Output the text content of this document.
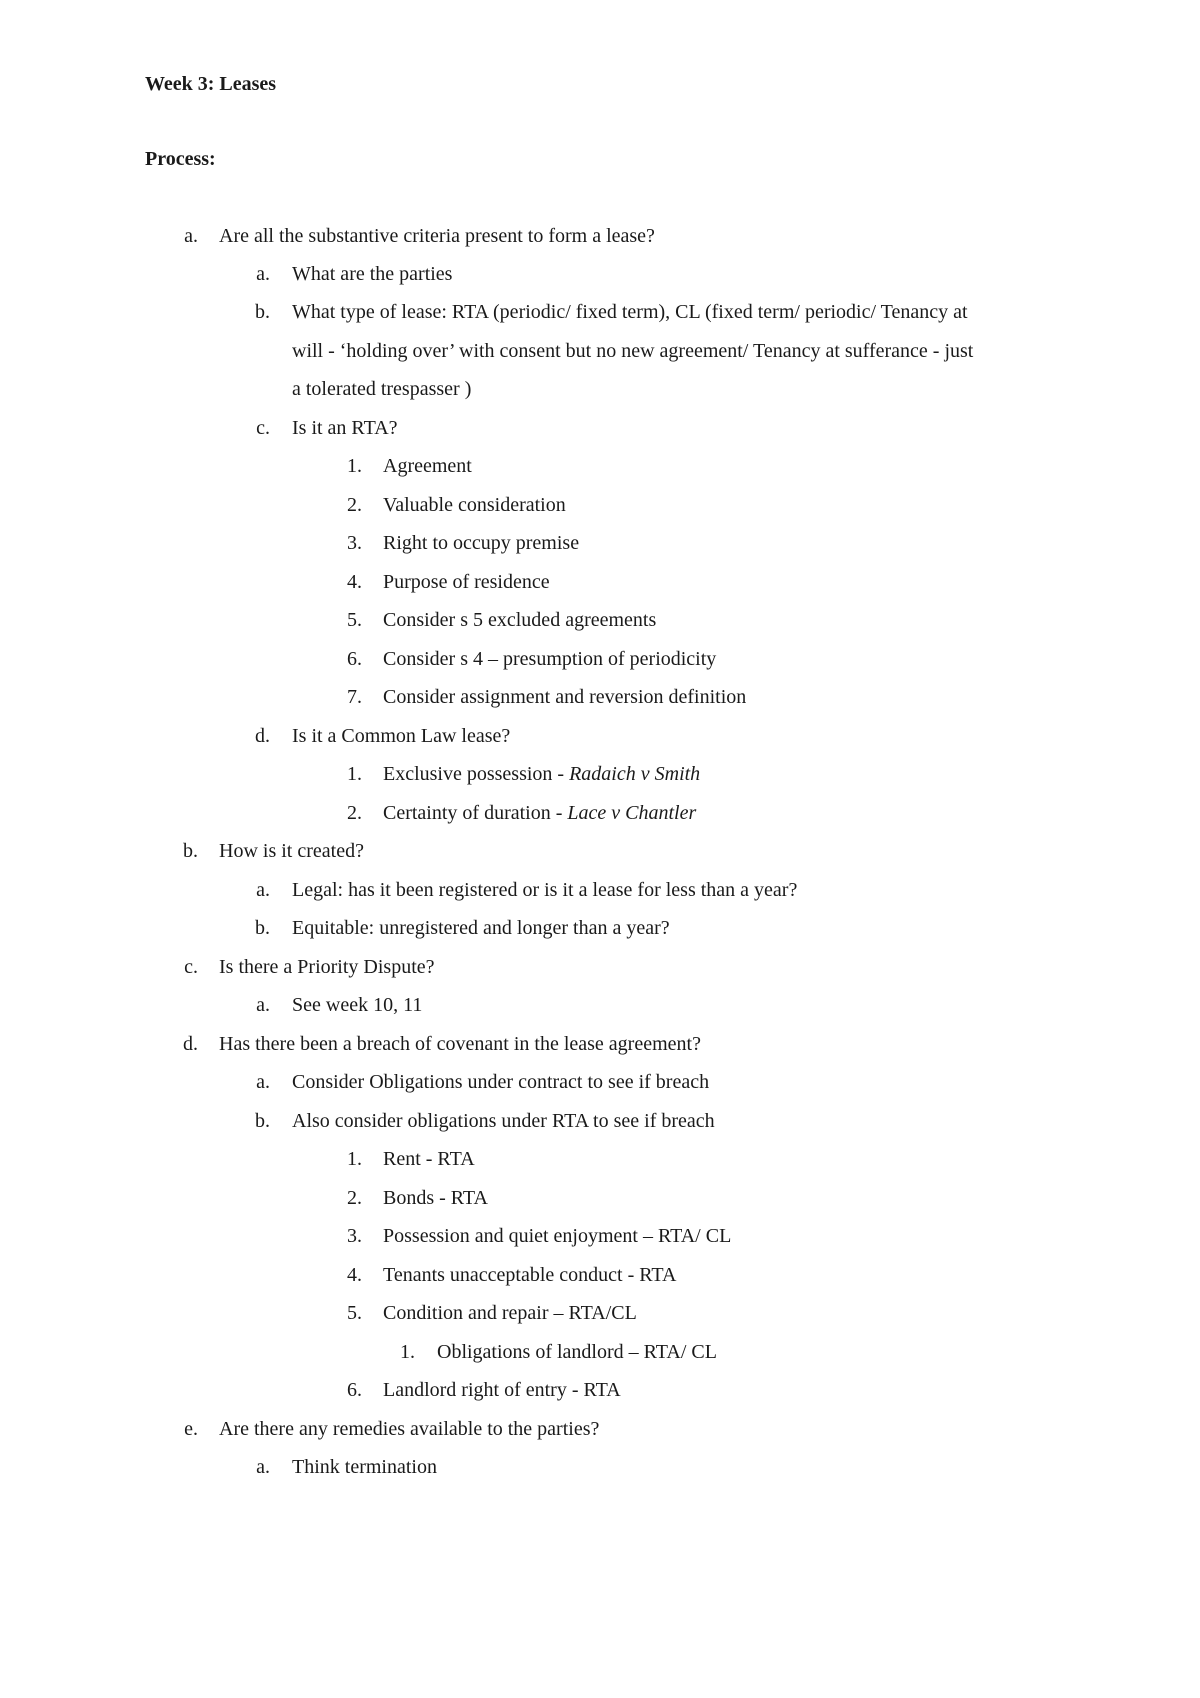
Week 3: Leases
Process:
a. Are all the substantive criteria present to form a lease?
a. What are the parties
b. What type of lease: RTA (periodic/ fixed term), CL (fixed term/ periodic/ Tenancy at
will - ‘holding over’ with consent but no new agreement/ Tenancy at sufferance - just
a tolerated trespasser )
c. Is it an RTA?
1. Agreement
2. Valuable consideration
3. Right to occupy premise
4. Purpose of residence
5. Consider s 5 excluded agreements
6. Consider s 4 – presumption of periodicity
7. Consider assignment and reversion definition
d. Is it a Common Law lease?
1. Exclusive possession - Radaich v Smith
2. Certainty of duration - Lace v Chantler
b. How is it created?
a. Legal: has it been registered or is it a lease for less than a year?
b. Equitable: unregistered and longer than a year?
c. Is there a Priority Dispute?
a. See week 10, 11
d. Has there been a breach of covenant in the lease agreement?
a. Consider Obligations under contract to see if breach
b. Also consider obligations under RTA to see if breach
1. Rent - RTA
2. Bonds - RTA
3. Possession and quiet enjoyment – RTA/ CL
4. Tenants unacceptable conduct - RTA
5. Condition and repair – RTA/CL
1. Obligations of landlord – RTA/ CL
6. Landlord right of entry - RTA
e. Are there any remedies available to the parties?
a. Think termination
